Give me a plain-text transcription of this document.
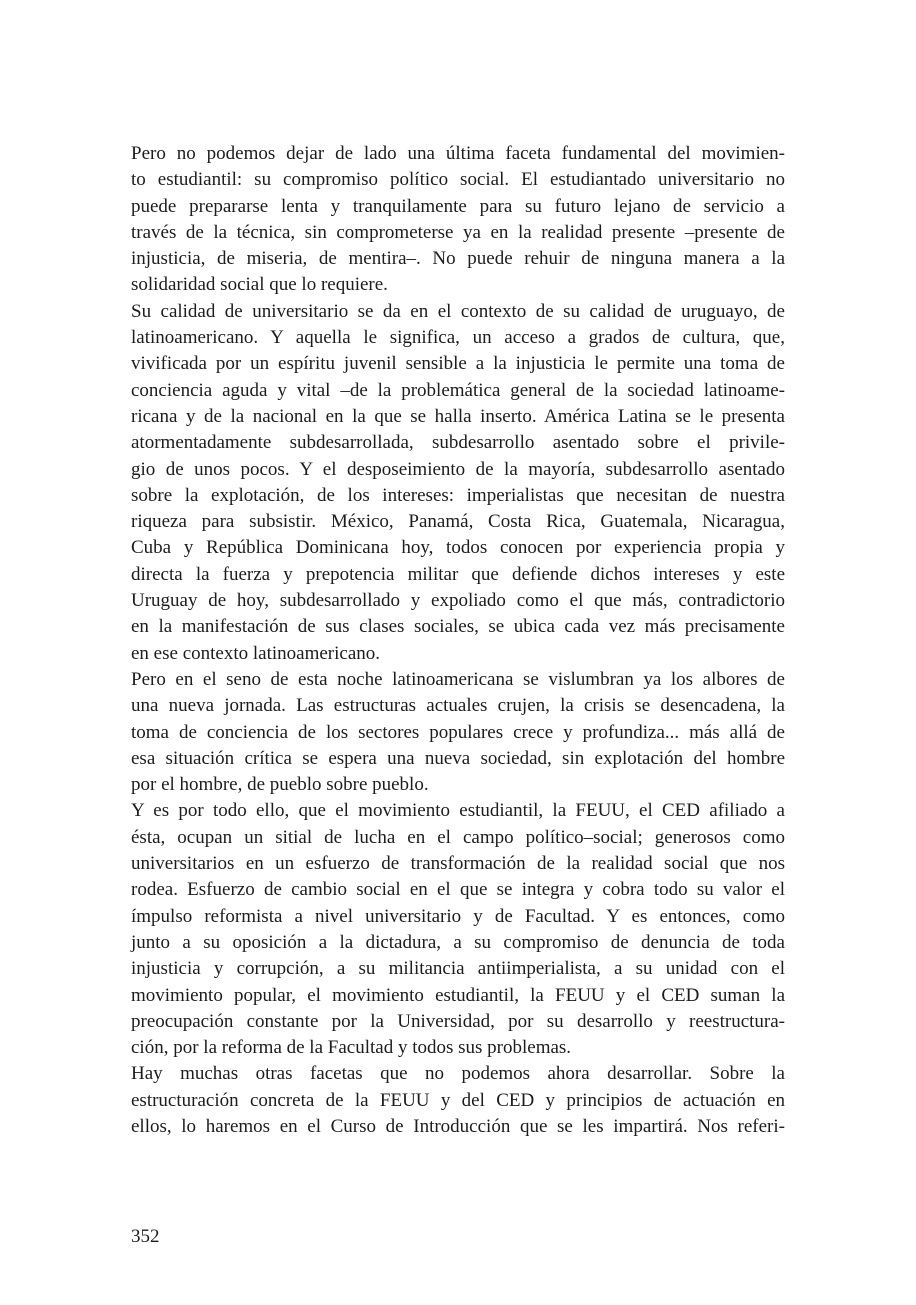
Pero no podemos dejar de lado una última faceta fundamental del movimien-
to estudiantil: su compromiso político social. El estudiantado universitario no
puede prepararse lenta y tranquilamente para su futuro lejano de servicio a
través de la técnica, sin comprometerse ya en la realidad presente –presente de
injusticia, de miseria, de mentira–. No puede rehuir de ninguna manera a la
solidaridad social que lo requiere.
Su calidad de universitario se da en el contexto de su calidad de uruguayo, de
latinoamericano. Y aquella le significa, un acceso a grados de cultura, que,
vivificada por un espíritu juvenil sensible a la injusticia le permite una toma de
conciencia aguda y vital –de la problemática general de la sociedad latinoame-
ricana y de la nacional en la que se halla inserto. América Latina se le presenta
atormentadamente subdesarrollada, subdesarrollo asentado sobre el privile-
gio de unos pocos. Y el desposeimiento de la mayoría, subdesarrollo asentado
sobre la explotación, de los intereses: imperialistas que necesitan de nuestra
riqueza para subsistir. México, Panamá, Costa Rica, Guatemala, Nicaragua,
Cuba y República Dominicana hoy, todos conocen por experiencia propia y
directa la fuerza y prepotencia militar que defiende dichos intereses y este
Uruguay de hoy, subdesarrollado y expoliado como el que más, contradictorio
en la manifestación de sus clases sociales, se ubica cada vez más precisamente
en ese contexto latinoamericano.
Pero en el seno de esta noche latinoamericana se vislumbran ya los albores de
una nueva jornada. Las estructuras actuales crujen, la crisis se desencadena, la
toma de conciencia de los sectores populares crece y profundiza... más allá de
esa situación crítica se espera una nueva sociedad, sin explotación del hombre
por el hombre, de pueblo sobre pueblo.
Y es por todo ello, que el movimiento estudiantil, la FEUU, el CED afiliado a
ésta, ocupan un sitial de lucha en el campo político–social; generosos como
universitarios en un esfuerzo de transformación de la realidad social que nos
rodea. Esfuerzo de cambio social en el que se integra y cobra todo su valor el
ímpulso reformista a nivel universitario y de Facultad. Y es entonces, como
junto a su oposición a la dictadura, a su compromiso de denuncia de toda
injusticia y corrupción, a su militancia antiimperialista, a su unidad con el
movimiento popular, el movimiento estudiantil, la FEUU y el CED suman la
preocupación constante por la Universidad, por su desarrollo y reestructura-
ción, por la reforma de la Facultad y todos sus problemas.
Hay muchas otras facetas que no podemos ahora desarrollar. Sobre la
estructuración concreta de la FEUU y del CED y principios de actuación en
ellos, lo haremos en el Curso de Introducción que se les impartirá. Nos referi-
352
